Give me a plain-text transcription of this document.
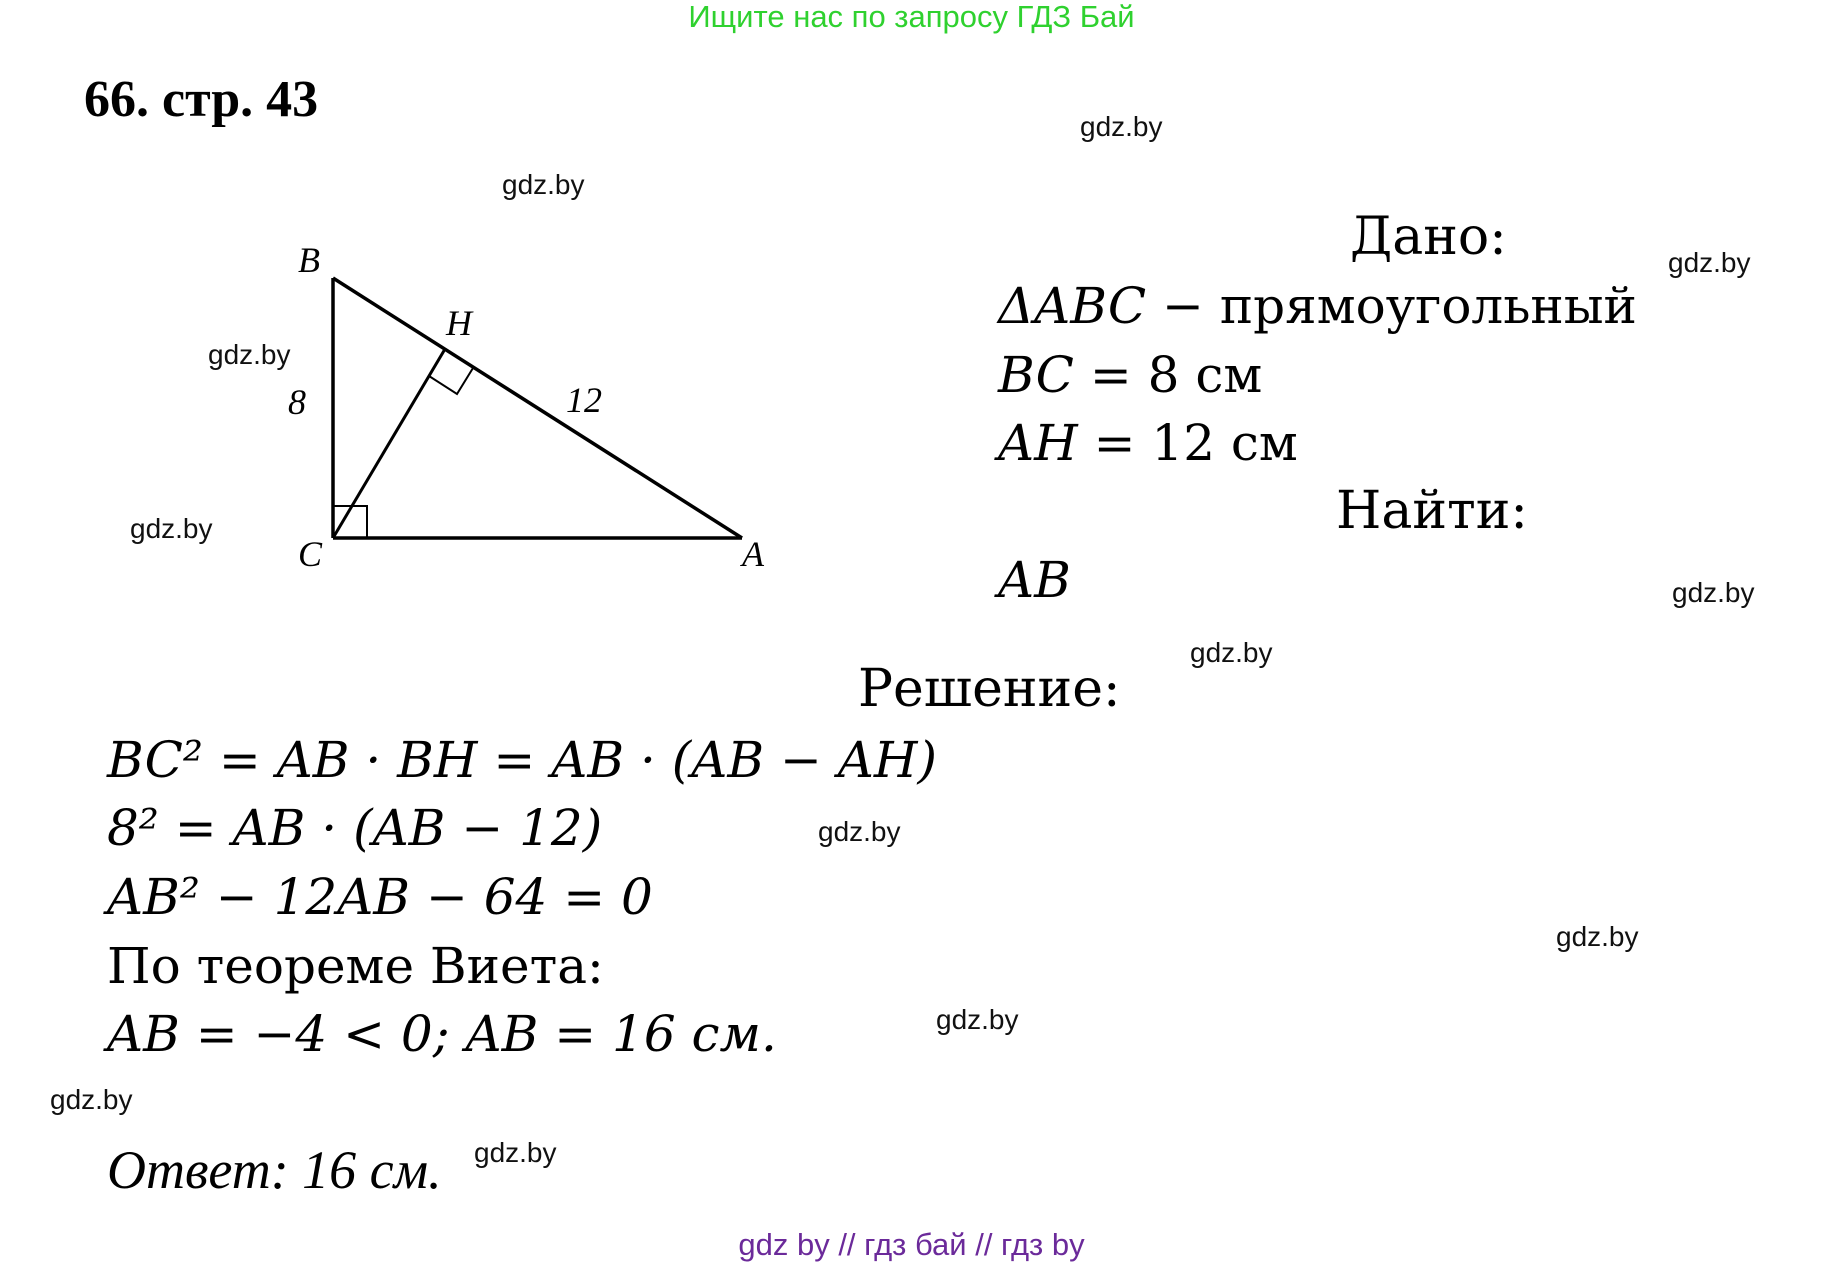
Ищите нас по запросу ГДЗ Бай
66. стр. 43	gdz.by
gdz.by
gdz.by
gdz.by
gdz.by
gdz.by
gdz.by
gdz.by
gdz.by
gdz.by
gdz.by
gdz.by
B
H
C	A
8	12
Дано:
ΔABC − прямоугольный
BC = 8 см
AH = 12 см
Найти:
AB
Решение:
BC² = AB · BH = AB · (AB − AH)
8² = AB · (AB − 12)
AB² − 12AB − 64 = 0
По теореме Виета:
AB = −4 < 0; AB = 16 см.
Ответ: 16 см.
gdz by // гдз бай // гдз by
